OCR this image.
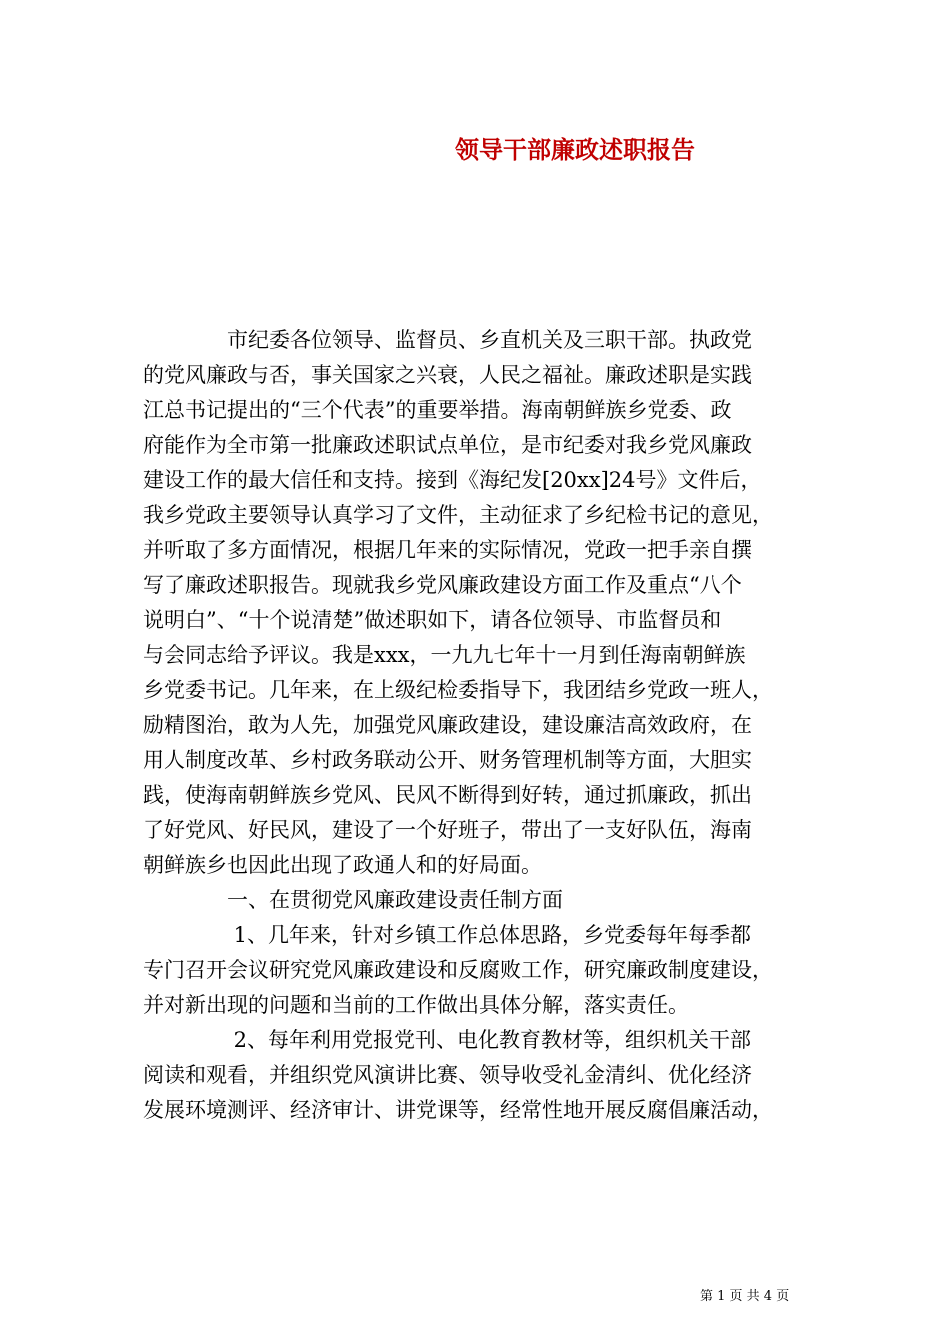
领导干部廉政述职报告
　　　　市纪委各位领导、监督员、乡直机关及三职干部。执政党
的党风廉政与否，事关国家之兴衰，人民之福祉。廉政述职是实践
江总书记提出的“三个代表”的重要举措。海南朝鲜族乡党委、政
府能作为全市第一批廉政述职试点单位，是市纪委对我乡党风廉政
建设工作的最大信任和支持。接到《海纪发[20xx]24号》文件后，
我乡党政主要领导认真学习了文件，主动征求了乡纪检书记的意见，
并听取了多方面情况，根据几年来的实际情况，党政一把手亲自撰
写了廉政述职报告。现就我乡党风廉政建设方面工作及重点“八个
说明白”、“十个说清楚”做述职如下，请各位领导、市监督员和
与会同志给予评议。我是xxx，一九九七年十一月到任海南朝鲜族
乡党委书记。几年来，在上级纪检委指导下，我团结乡党政一班人，
励精图治，敢为人先，加强党风廉政建设，建设廉洁高效政府，在
用人制度改革、乡村政务联动公开、财务管理机制等方面，大胆实
践，使海南朝鲜族乡党风、民风不断得到好转，通过抓廉政，抓出
了好党风、好民风，建设了一个好班子，带出了一支好队伍，海南
朝鲜族乡也因此出现了政通人和的好局面。
　　　　一、在贯彻党风廉政建设责任制方面
　　　　 1、几年来，针对乡镇工作总体思路，乡党委每年每季都
专门召开会议研究党风廉政建设和反腐败工作，研究廉政制度建设，
并对新出现的问题和当前的工作做出具体分解，落实责任。
　　　　 2、每年利用党报党刊、电化教育教材等，组织机关干部
阅读和观看，并组织党风演讲比赛、领导收受礼金清纠、优化经济
发展环境测评、经济审计、讲党课等，经常性地开展反腐倡廉活动，
第 1 页 共 4 页
